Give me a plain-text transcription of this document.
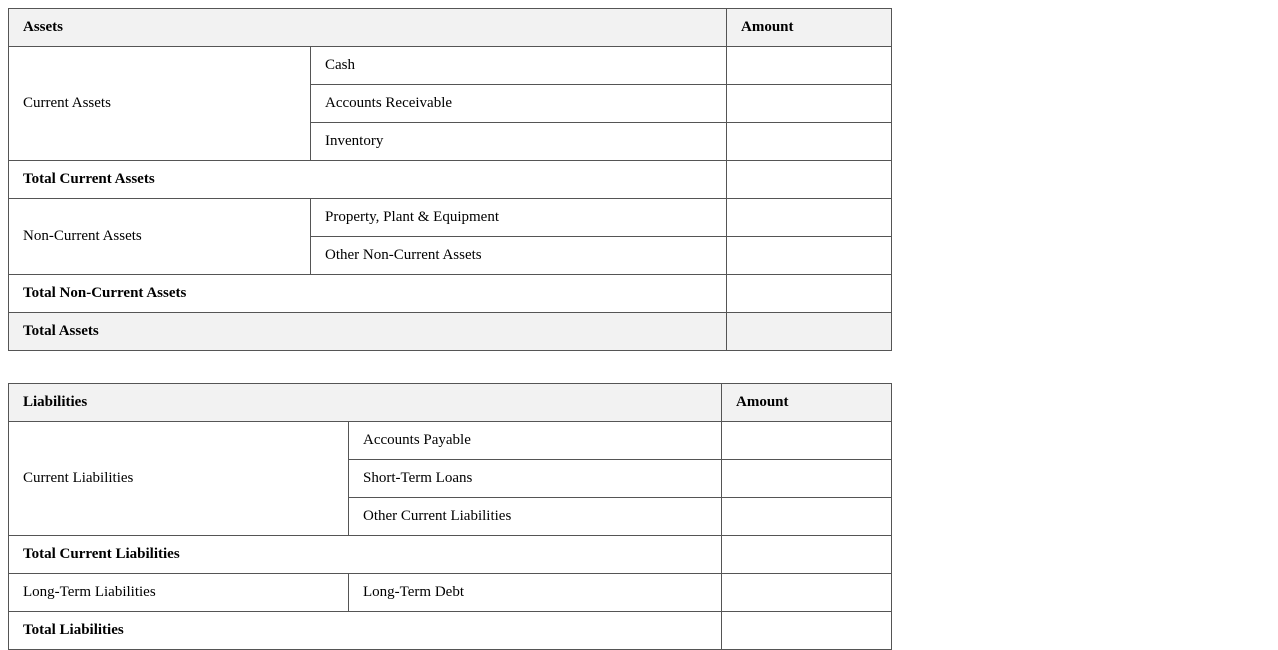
Assets		Amount
Current Assets	Cash	
	Accounts Receivable	
	Inventory	
Total Current Assets		
Non-Current Assets	Property, Plant & Equipment	
	Other Non-Current Assets	
Total Non-Current Assets		
Total Assets		
Liabilities		Amount
Current Liabilities	Accounts Payable	
	Short-Term Loans	
	Other Current Liabilities	
Total Current Liabilities		
Long-Term Liabilities	Long-Term Debt	
Total Liabilities		
